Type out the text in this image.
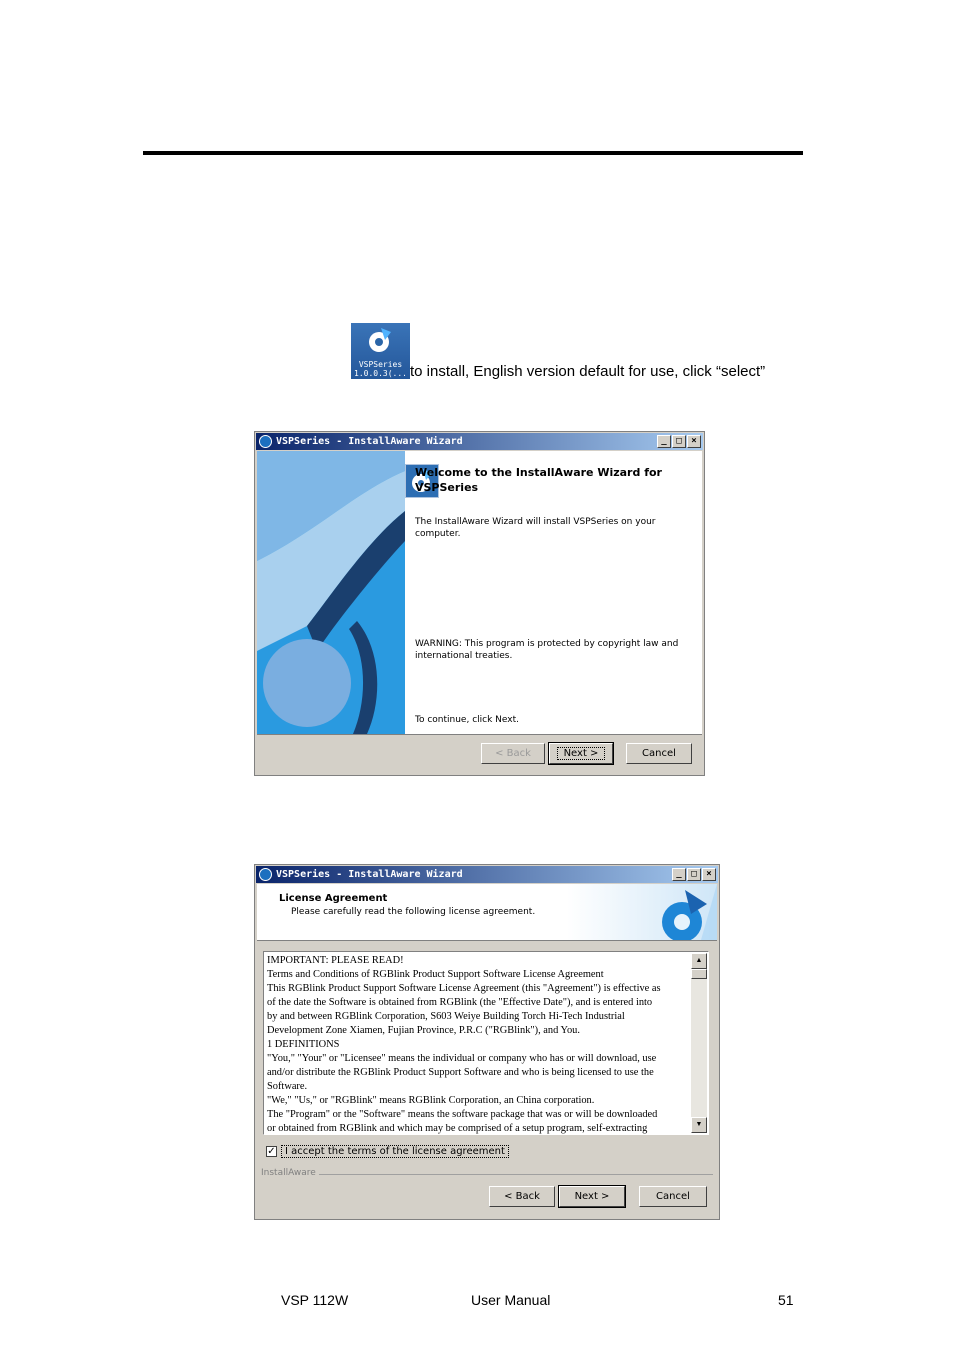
VSPSeries
1.0.0.3(... to install, English version default for use, click “select”
VSPSeries - InstallAware Wizard	_	□	×
Welcome to the InstallAware Wizard for
VSPSeries
The InstallAware Wizard will install VSPSeries on your
computer.
WARNING: This program is protected by copyright law and
international treaties.
To continue, click Next.
< Back	Next >	Cancel
VSPSeries - InstallAware Wizard	_	□	×
License Agreement
Please carefully read the following license agreement.
IMPORTANT: PLEASE READ!
Terms and Conditions of RGBlink Product Support Software License Agreement
This RGBlink Product Support Software License Agreement (this "Agreement") is effective as
of the date the Software is obtained from RGBlink (the "Effective Date"), and is entered into
by and between RGBlink Corporation, S603 Weiye Building Torch Hi-Tech Industrial
Development Zone Xiamen, Fujian Province, P.R.C ("RGBlink"), and You.
1 DEFINITIONS
"You," "Your" or "Licensee" means the individual or company who has or will download, use
and/or distribute the RGBlink Product Support Software and who is being licensed to use the
Software.
"We," "Us," or "RGBlink" means RGBlink Corporation, an China corporation.
The "Program" or the "Software" means the software package that was or will be downloaded
or obtained from RGBlink and which may be comprised of a setup program, self-extracting
▲
▼
✓ I accept the terms of the license agreement
InstallAware
< Back	Next >	Cancel
VSP 112W	User Manual	51
